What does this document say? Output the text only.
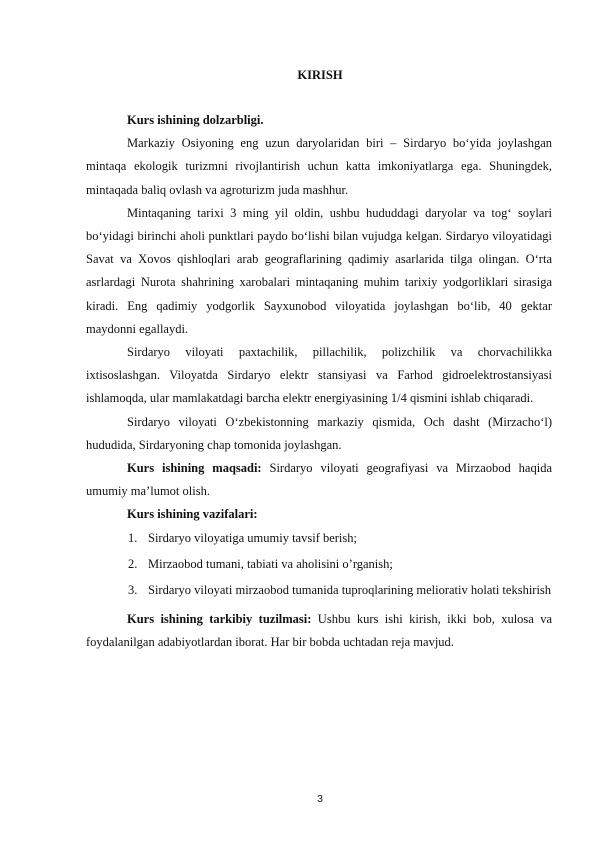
KIRISH

Kurs ishining dolzarbligi.

Markaziy Osiyoning eng uzun daryolaridan biri – Sirdaryo bo‘yida joylashgan mintaqa ekologik turizmni rivojlantirish uchun katta imkoniyatlarga ega. Shuningdek, mintaqada baliq ovlash va agroturizm juda mashhur.

Mintaqaning tarixi 3 ming yil oldin, ushbu hududdagi daryolar va tog‘ soylari bo‘yidagi birinchi aholi punktlari paydo bo‘lishi bilan vujudga kelgan. Sirdaryo viloyatidagi Savat va Xovos qishloqlari arab geograflarining qadimiy asarlarida tilga olingan. O‘rta asrlardagi Nurota shahrining xarobalari mintaqaning muhim tarixiy yodgorliklari sirasiga kiradi. Eng qadimiy yodgorlik Sayxunobod viloyatida joylashgan bo‘lib, 40 gektar maydonni egallaydi.

Sirdaryo viloyati paxtachilik, pillachilik, polizchilik va chorvachilikka ixtisoslashgan. Viloyatda Sirdaryo elektr stansiyasi va Farhod gidroelektrostansiyasi ishlamoqda, ular mamlakatdagi barcha elektr energiyasining 1/4 qismini ishlab chiqaradi.

Sirdaryo viloyati O‘zbekistonning markaziy qismida, Och dasht (Mirzacho‘l) hududida, Sirdaryoning chap tomonida joylashgan.

Kurs ishining maqsadi: Sirdaryo viloyati geografiyasi va Mirzaobod haqida umumiy ma’lumot olish.

Kurs ishining vazifalari:

1. Sirdaryo viloyatiga umumiy tavsif berish;
2. Mirzaobod tumani, tabiati va aholisini o’rganish;
3. Sirdaryo viloyati mirzaobod tumanida tuproqlarining meliorativ holati tekshirish

Kurs ishining tarkibiy tuzilmasi: Ushbu kurs ishi kirish, ikki bob, xulosa va foydalanilgan adabiyotlardan iborat. Har bir bobda uchtadan reja mavjud.

3
